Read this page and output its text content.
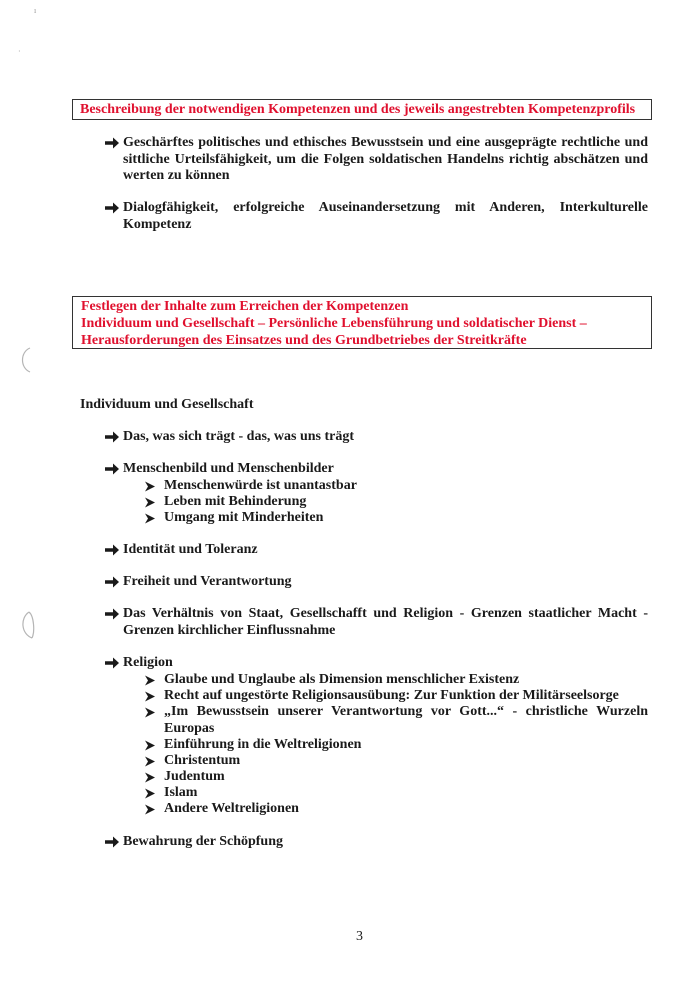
ı
·
Beschreibung der notwendigen Kompetenzen und des jeweils angestrebten Kompetenzprofils
Geschärftes politisches und ethisches Bewusstsein und eine ausgeprägte rechtliche und sittliche Urteilsfähigkeit, um die Folgen soldatischen Handelns richtig abschätzen und werten zu können
Dialogfähigkeit, erfolgreiche Auseinandersetzung mit Anderen, Interkulturelle Kompetenz
Festlegen der Inhalte zum Erreichen der Kompetenzen
Individuum und Gesellschaft – Persönliche Lebensführung und soldatischer Dienst –
Herausforderungen des Einsatzes und des Grundbetriebes der Streitkräfte
Individuum und Gesellschaft
Das, was sich trägt - das, was uns trägt
Menschenbild und Menschenbilder
Menschenwürde ist unantastbar
Leben mit Behinderung
Umgang mit Minderheiten
Identität und Toleranz
Freiheit und Verantwortung
Das Verhältnis von Staat, Gesellschafft und Religion - Grenzen staatlicher Macht - Grenzen kirchlicher Einflussnahme
Religion
Glaube und Unglaube als Dimension menschlicher Existenz
Recht auf ungestörte Religionsausübung: Zur Funktion der Militärseelsorge
„Im Bewusstsein unserer Verantwortung vor Gott...“ - christliche Wurzeln Europas
Einführung in die Weltreligionen
Christentum
Judentum
Islam
Andere Weltreligionen
Bewahrung der Schöpfung
3
